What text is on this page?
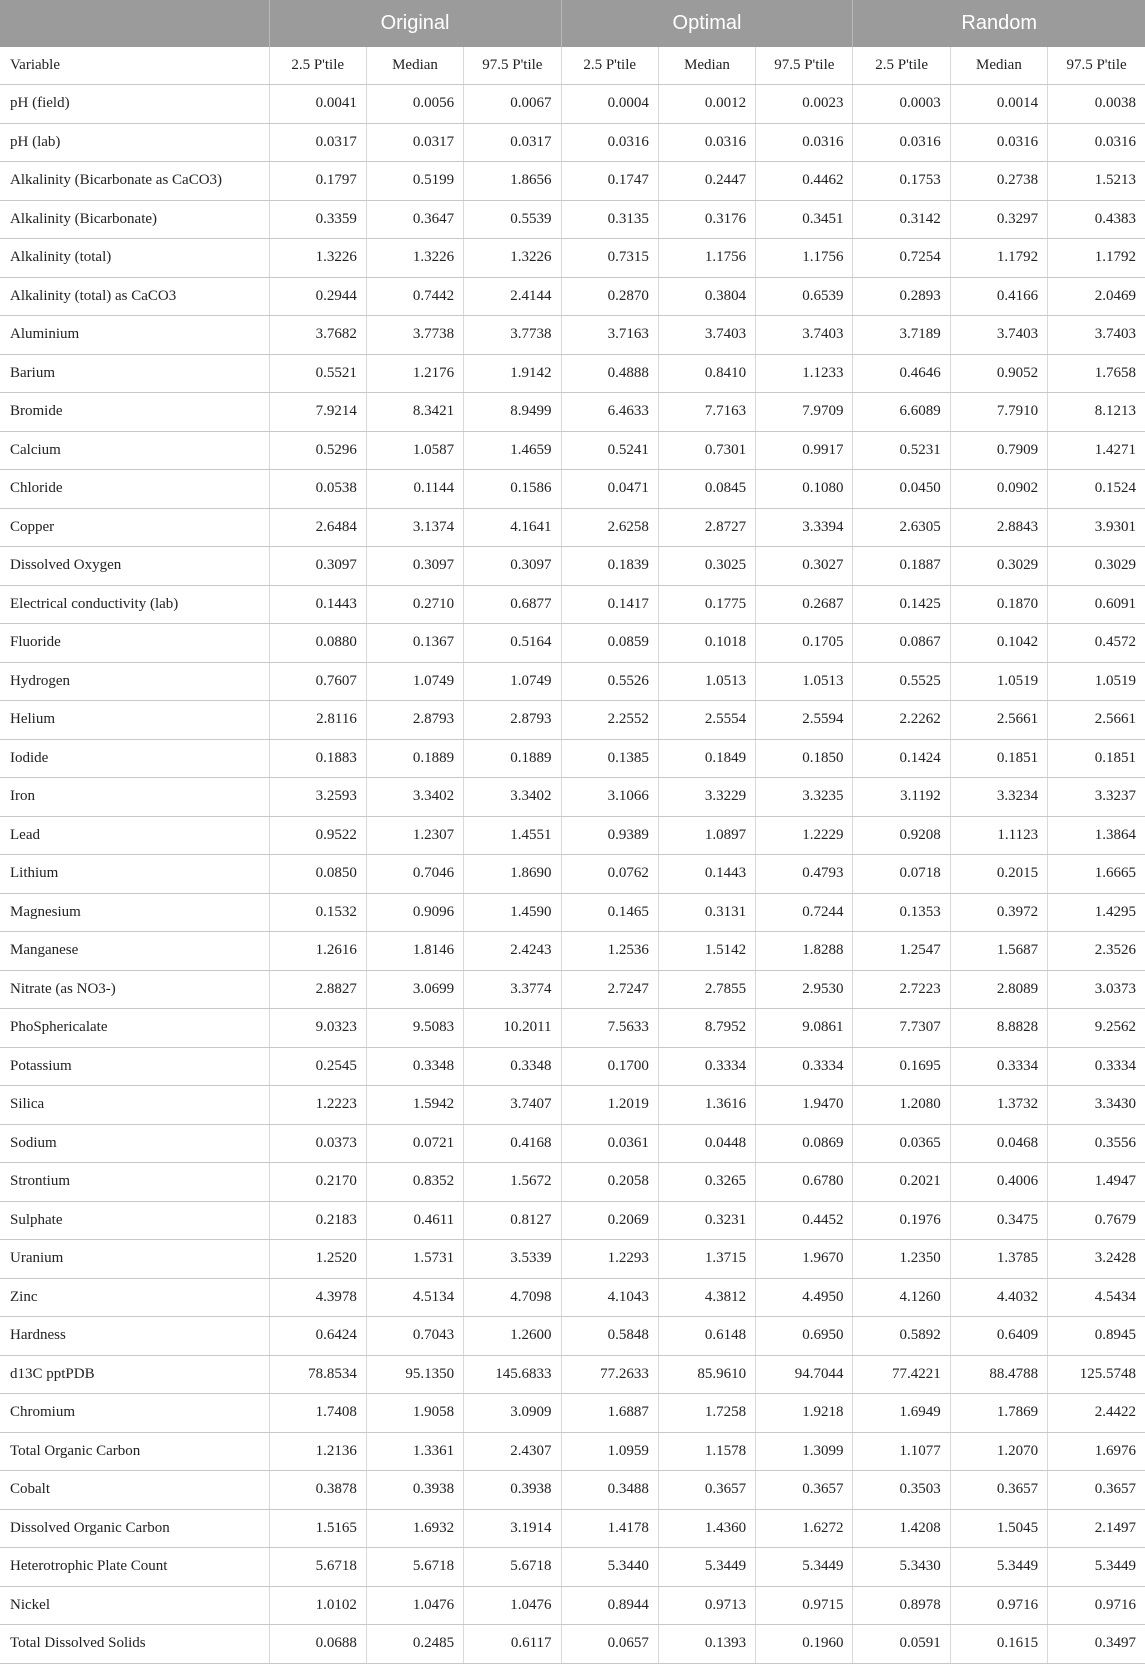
	Original			Optimal			Random		
Variable	2.5 P'tile	Median	97.5 P'tile	2.5 P'tile	Median	97.5 P'tile	2.5 P'tile	Median	97.5 P'tile
pH (field)	0.0041	0.0056	0.0067	0.0004	0.0012	0.0023	0.0003	0.0014	0.0038
pH (lab)	0.0317	0.0317	0.0317	0.0316	0.0316	0.0316	0.0316	0.0316	0.0316
Alkalinity (Bicarbonate as CaCO3)	0.1797	0.5199	1.8656	0.1747	0.2447	0.4462	0.1753	0.2738	1.5213
Alkalinity (Bicarbonate)	0.3359	0.3647	0.5539	0.3135	0.3176	0.3451	0.3142	0.3297	0.4383
Alkalinity (total)	1.3226	1.3226	1.3226	0.7315	1.1756	1.1756	0.7254	1.1792	1.1792
Alkalinity (total) as CaCO3	0.2944	0.7442	2.4144	0.2870	0.3804	0.6539	0.2893	0.4166	2.0469
Aluminium	3.7682	3.7738	3.7738	3.7163	3.7403	3.7403	3.7189	3.7403	3.7403
Barium	0.5521	1.2176	1.9142	0.4888	0.8410	1.1233	0.4646	0.9052	1.7658
Bromide	7.9214	8.3421	8.9499	6.4633	7.7163	7.9709	6.6089	7.7910	8.1213
Calcium	0.5296	1.0587	1.4659	0.5241	0.7301	0.9917	0.5231	0.7909	1.4271
Chloride	0.0538	0.1144	0.1586	0.0471	0.0845	0.1080	0.0450	0.0902	0.1524
Copper	2.6484	3.1374	4.1641	2.6258	2.8727	3.3394	2.6305	2.8843	3.9301
Dissolved Oxygen	0.3097	0.3097	0.3097	0.1839	0.3025	0.3027	0.1887	0.3029	0.3029
Electrical conductivity (lab)	0.1443	0.2710	0.6877	0.1417	0.1775	0.2687	0.1425	0.1870	0.6091
Fluoride	0.0880	0.1367	0.5164	0.0859	0.1018	0.1705	0.0867	0.1042	0.4572
Hydrogen	0.7607	1.0749	1.0749	0.5526	1.0513	1.0513	0.5525	1.0519	1.0519
Helium	2.8116	2.8793	2.8793	2.2552	2.5554	2.5594	2.2262	2.5661	2.5661
Iodide	0.1883	0.1889	0.1889	0.1385	0.1849	0.1850	0.1424	0.1851	0.1851
Iron	3.2593	3.3402	3.3402	3.1066	3.3229	3.3235	3.1192	3.3234	3.3237
Lead	0.9522	1.2307	1.4551	0.9389	1.0897	1.2229	0.9208	1.1123	1.3864
Lithium	0.0850	0.7046	1.8690	0.0762	0.1443	0.4793	0.0718	0.2015	1.6665
Magnesium	0.1532	0.9096	1.4590	0.1465	0.3131	0.7244	0.1353	0.3972	1.4295
Manganese	1.2616	1.8146	2.4243	1.2536	1.5142	1.8288	1.2547	1.5687	2.3526
Nitrate (as NO3-)	2.8827	3.0699	3.3774	2.7247	2.7855	2.9530	2.7223	2.8089	3.0373
PhoSphericalate	9.0323	9.5083	10.2011	7.5633	8.7952	9.0861	7.7307	8.8828	9.2562
Potassium	0.2545	0.3348	0.3348	0.1700	0.3334	0.3334	0.1695	0.3334	0.3334
Silica	1.2223	1.5942	3.7407	1.2019	1.3616	1.9470	1.2080	1.3732	3.3430
Sodium	0.0373	0.0721	0.4168	0.0361	0.0448	0.0869	0.0365	0.0468	0.3556
Strontium	0.2170	0.8352	1.5672	0.2058	0.3265	0.6780	0.2021	0.4006	1.4947
Sulphate	0.2183	0.4611	0.8127	0.2069	0.3231	0.4452	0.1976	0.3475	0.7679
Uranium	1.2520	1.5731	3.5339	1.2293	1.3715	1.9670	1.2350	1.3785	3.2428
Zinc	4.3978	4.5134	4.7098	4.1043	4.3812	4.4950	4.1260	4.4032	4.5434
Hardness	0.6424	0.7043	1.2600	0.5848	0.6148	0.6950	0.5892	0.6409	0.8945
d13C pptPDB	78.8534	95.1350	145.6833	77.2633	85.9610	94.7044	77.4221	88.4788	125.5748
Chromium	1.7408	1.9058	3.0909	1.6887	1.7258	1.9218	1.6949	1.7869	2.4422
Total Organic Carbon	1.2136	1.3361	2.4307	1.0959	1.1578	1.3099	1.1077	1.2070	1.6976
Cobalt	0.3878	0.3938	0.3938	0.3488	0.3657	0.3657	0.3503	0.3657	0.3657
Dissolved Organic Carbon	1.5165	1.6932	3.1914	1.4178	1.4360	1.6272	1.4208	1.5045	2.1497
Heterotrophic Plate Count	5.6718	5.6718	5.6718	5.3440	5.3449	5.3449	5.3430	5.3449	5.3449
Nickel	1.0102	1.0476	1.0476	0.8944	0.9713	0.9715	0.8978	0.9716	0.9716
Total Dissolved Solids	0.0688	0.2485	0.6117	0.0657	0.1393	0.1960	0.0591	0.1615	0.3497
